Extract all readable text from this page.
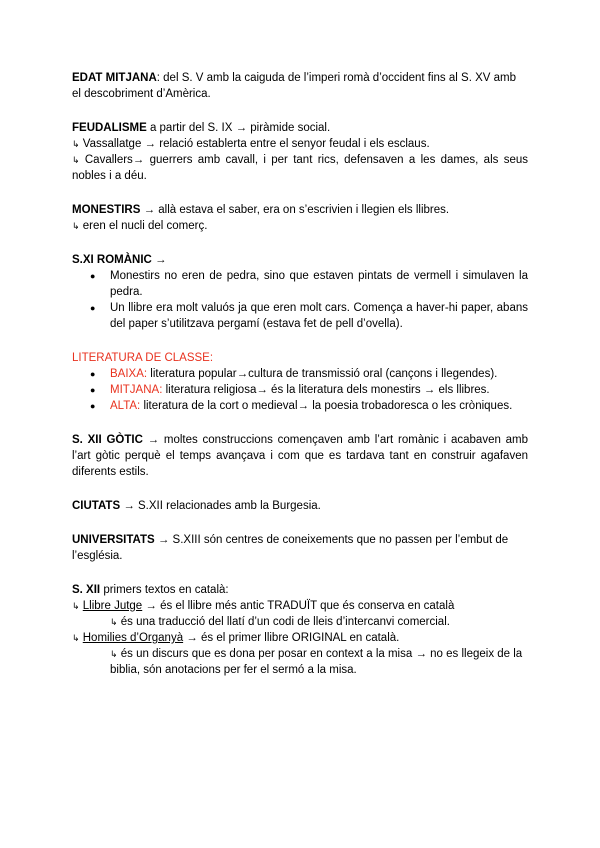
EDAT MITJANA: del S. V amb la caiguda de l’imperi romà d’occident fins al S. XV amb el descobriment d’Amèrica.

FEUDALISME a partir del S. IX → piràmide social.

↳ Vassallatge → relació establerta entre el senyor feudal i els esclaus.

↳ Cavallers→ guerrers amb cavall, i per tant rics, defensaven a les dames, als seus nobles i a déu.

MONESTIRS → allà estava el saber, era on s’escrivien i llegien els llibres.

↳ eren el nucli del comerç.

S.XI ROMÀNIC →

● Monestirs no eren de pedra, sino que estaven pintats de vermell i simulaven la pedra.
● Un llibre era molt valuós ja que eren molt cars. Comença a haver-hi paper, abans del paper s’utilitzava pergamí (estava fet de pell d’ovella).

LITERATURA DE CLASSE:

● BAIXA: literatura popular→cultura de transmissió oral (cançons i llegendes).
● MITJANA: literatura religiosa→ és la literatura dels monestirs → els llibres.
● ALTA: literatura de la cort o medieval→ la poesia trobadoresca o les cròniques.

S. XII GÒTIC → moltes construccions començaven amb l’art romànic i acabaven amb l’art gòtic perquè el temps avançava i com que es tardava tant en construir agafaven diferents estils.

CIUTATS → S.XII relacionades amb la Burgesia.

UNIVERSITATS → S.XIII són centres de coneixements que no passen per l’embut de l’església.

S. XII primers textos en català:

↳ Llibre Jutge → és el llibre més antic TRADUÏT que és conserva en català

↳ és una traducció del llatí d’un codi de lleis d’intercanvi comercial.

↳ Homilies d’Organyà → és el primer llibre ORIGINAL en català.

↳ és un discurs que es dona per posar en context a la misa → no es llegeix de la biblia, són anotacions per fer el sermó a la misa.
